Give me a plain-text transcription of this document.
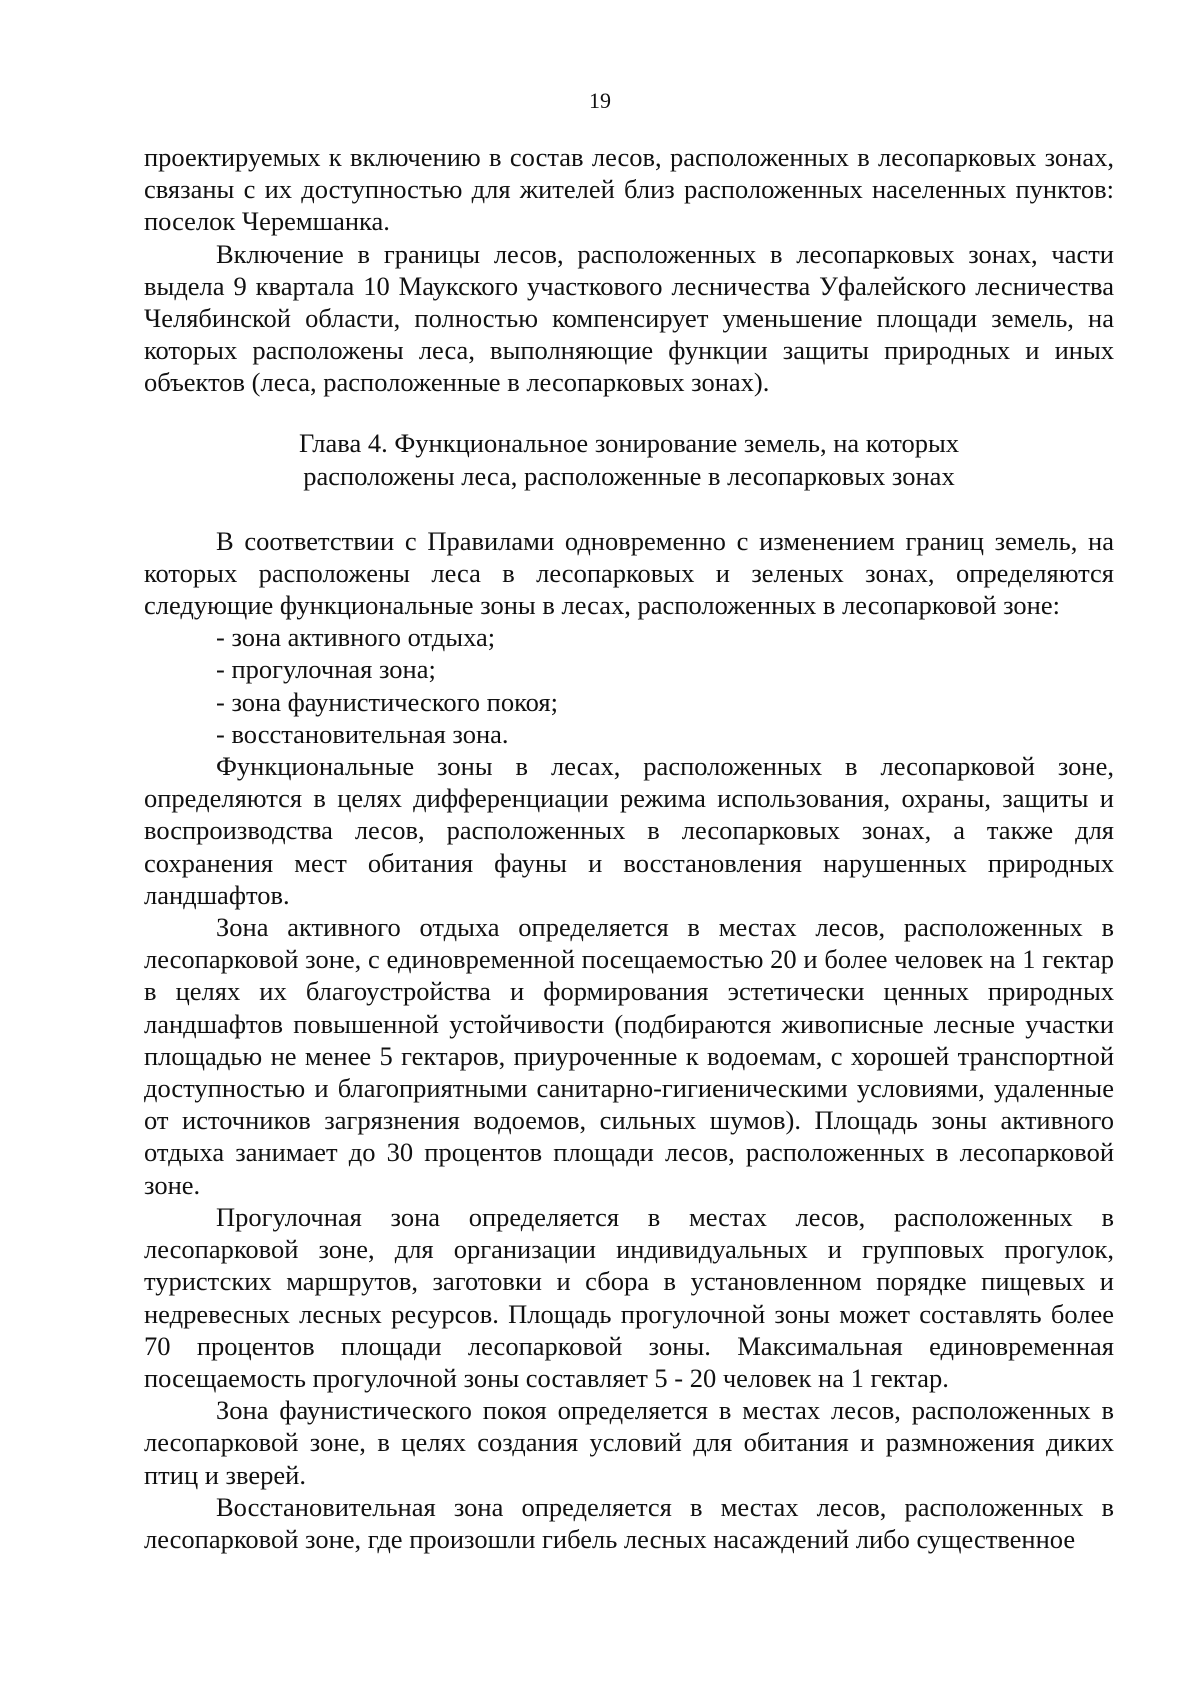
19

проектируемых к включению в состав лесов, расположенных в лесопарковых зонах, связаны с их доступностью для жителей близ расположенных населенных пунктов: поселок Черемшанка.

Включение в границы лесов, расположенных в лесопарковых зонах, части выдела 9 квартала 10 Маукского участкового лесничества Уфалейского лесничества Челябинской области, полностью компенсирует уменьшение площади земель, на которых расположены леса, выполняющие функции защиты природных и иных объектов (леса, расположенные в лесопарковых зонах).

Глава 4. Функциональное зонирование земель, на которых
расположены леса, расположенные в лесопарковых зонах

В соответствии с Правилами одновременно с изменением границ земель, на которых расположены леса в лесопарковых и зеленых зонах, определяются следующие функциональные зоны в лесах, расположенных в лесопарковой зоне:

- зона активного отдыха;

- прогулочная зона;

- зона фаунистического покоя;

- восстановительная зона.

Функциональные зоны в лесах, расположенных в лесопарковой зоне, определяются в целях дифференциации режима использования, охраны, защиты и воспроизводства лесов, расположенных в лесопарковых зонах, а также для сохранения мест обитания фауны и восстановления нарушенных природных ландшафтов.

Зона активного отдыха определяется в местах лесов, расположенных в лесопарковой зоне, с единовременной посещаемостью 20 и более человек на 1 гектар в целях их благоустройства и формирования эстетически ценных природных ландшафтов повышенной устойчивости (подбираются живописные лесные участки площадью не менее 5 гектаров, приуроченные к водоемам, с хорошей транспортной доступностью и благоприятными санитарно-гигиеническими условиями, удаленные от источников загрязнения водоемов, сильных шумов). Площадь зоны активного отдыха занимает до 30 процентов площади лесов, расположенных в лесопарковой зоне.

Прогулочная зона определяется в местах лесов, расположенных в лесопарковой зоне, для организации индивидуальных и групповых прогулок, туристских маршрутов, заготовки и сбора в установленном порядке пищевых и недревесных лесных ресурсов. Площадь прогулочной зоны может составлять более 70 процентов площади лесопарковой зоны. Максимальная единовременная посещаемость прогулочной зоны составляет 5 - 20 человек на 1 гектар.

Зона фаунистического покоя определяется в местах лесов, расположенных в лесопарковой зоне, в целях создания условий для обитания и размножения диких птиц и зверей.

Восстановительная зона определяется в местах лесов, расположенных в лесопарковой зоне, где произошли гибель лесных насаждений либо существенное
